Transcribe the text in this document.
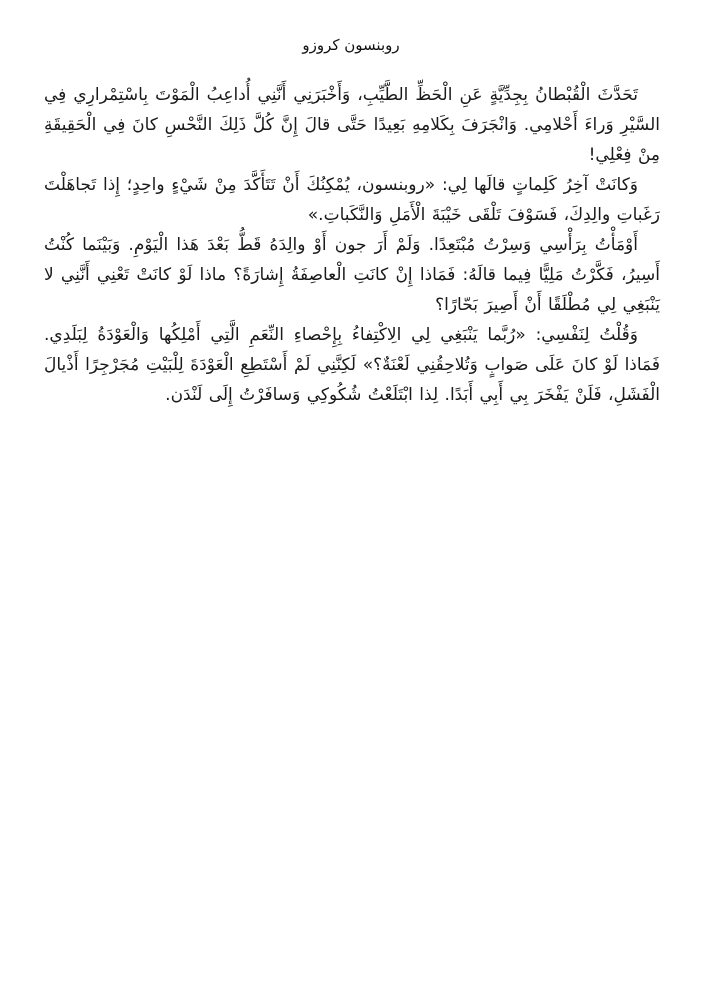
روبنسون كروزو

تَحَدَّثَ الْقُبْطانُ بِجِدِّيَّةٍ عَنِ الْحَظِّ الطَّيِّبِ، وَأَخْبَرَنِي أَنَّنِي أُداعِبُ الْمَوْتَ بِاسْتِمْرارِي فِي السَّيْرِ وَراءَ أَحْلامِي. وَانْجَرَفَ بِكَلامِهِ بَعِيدًا حَتَّى قالَ إِنَّ كُلَّ ذَلِكَ النَّحْسِ كانَ فِي الْحَقِيقَةِ مِنْ فِعْلِي!

وَكانَتْ آخِرُ كَلِماتٍ قالَها لِي: «روبنسون، يُمْكِنُكَ أَنْ تَتَأَكَّدَ مِنْ شَيْءٍ واحِدٍ؛ إِذا تَجاهَلْتَ رَغَباتِ والِدِكَ، فَسَوْفَ تَلْقَى خَيْبَةَ الْأَمَلِ وَالنَّكَباتِ.»

أَوْمَأْتُ بِرَأْسِي وَسِرْتُ مُبْتَعِدًا. وَلَمْ أَرَ جون أَوْ والِدَهُ قَطُّ بَعْدَ هَذا الْيَوْمِ. وَبَيْنَما كُنْتُ أَسِيرُ، فَكَّرْتُ مَلِيًّا فِيما قالَهُ: فَمَاذا إِنْ كانَتِ الْعاصِفَةُ إِشارَةً؟ ماذا لَوْ كانَتْ تَعْنِي أَنَّنِي لا يَنْبَغِي لِي مُطْلَقًا أَنْ أَصِيرَ بَحّارًا؟

وَقُلْتُ لِنَفْسِي: «رُبَّما يَنْبَغِي لِي الِاكْتِفاءُ بِإِحْصاءِ النِّعَمِ الَّتِي أَمْلِكُها وَالْعَوْدَةُ لِبَلَدِي. فَمَاذا لَوْ كانَ عَلَى صَوابٍ وَتُلاحِقُنِي لَعْنَةٌ؟» لَكِنَّنِي لَمْ أَسْتَطِعِ الْعَوْدَةَ لِلْبَيْتِ مُجَرْجِرًا أَذْيالَ الْفَشَلِ، فَلَنْ يَفْخَرَ بِي أَبِي أَبَدًا. لِذا ابْتَلَعْتُ شُكُوكِي وَسافَرْتُ إِلَى لَنْدَن.
